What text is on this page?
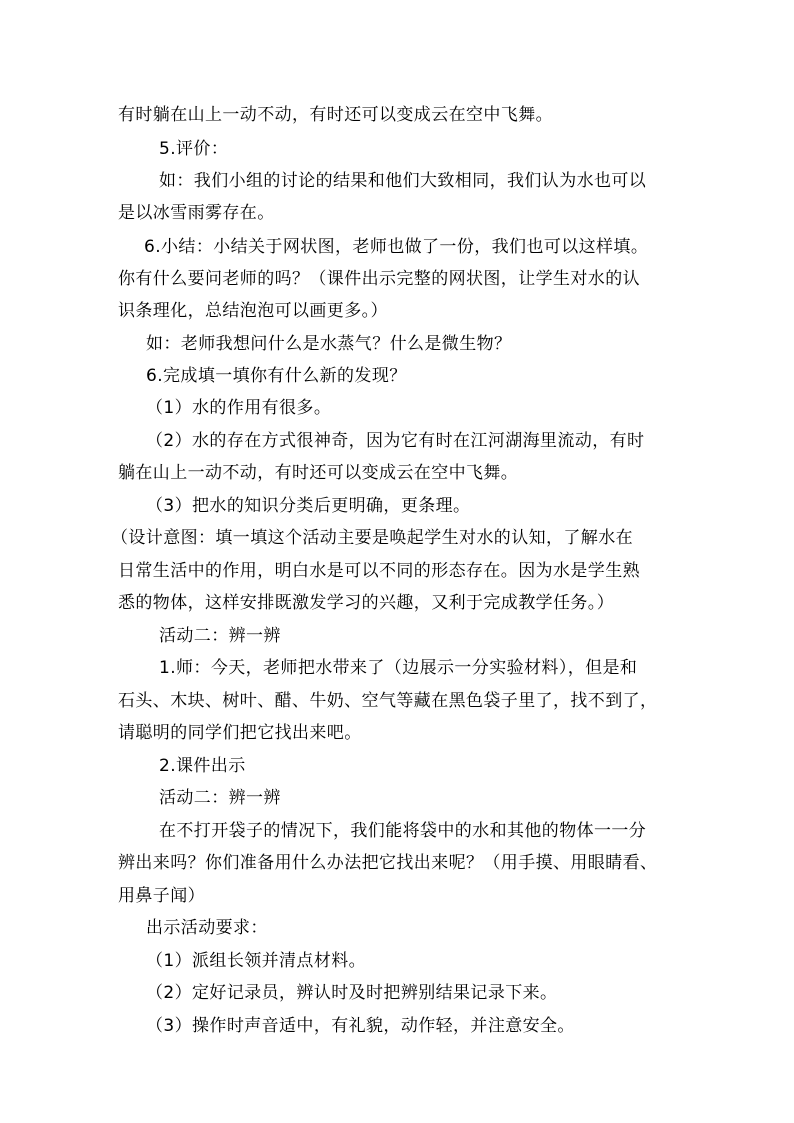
有时躺在山上一动不动，有时还可以变成云在空中飞舞。
5.评价：
如：我们小组的讨论的结果和他们大致相同，我们认为水也可以
是以冰雪雨雾存在。
6.小结：小结关于网状图，老师也做了一份，我们也可以这样填。
你有什么要问老师的吗？（课件出示完整的网状图，让学生对水的认
识条理化，总结泡泡可以画更多。）
如：老师我想问什么是水蒸气？什么是微生物？
6.完成填一填你有什么新的发现？
（1）水的作用有很多。
（2）水的存在方式很神奇，因为它有时在江河湖海里流动，有时
躺在山上一动不动，有时还可以变成云在空中飞舞。
（3）把水的知识分类后更明确，更条理。
（设计意图：填一填这个活动主要是唤起学生对水的认知，了解水在
日常生活中的作用，明白水是可以不同的形态存在。因为水是学生熟
悉的物体，这样安排既激发学习的兴趣，又利于完成教学任务。）
活动二：辨一辨
1.师：今天，老师把水带来了（边展示一分实验材料），但是和
石头、木块、树叶、醋、牛奶、空气等藏在黑色袋子里了，找不到了，
请聪明的同学们把它找出来吧。
2.课件出示
活动二：辨一辨
在不打开袋子的情况下，我们能将袋中的水和其他的物体一一分
辨出来吗？你们准备用什么办法把它找出来呢？（用手摸、用眼睛看、
用鼻子闻）
出示活动要求：
（1）派组长领并清点材料。
（2）定好记录员，辨认时及时把辨别结果记录下来。
（3）操作时声音适中，有礼貌，动作轻，并注意安全。
